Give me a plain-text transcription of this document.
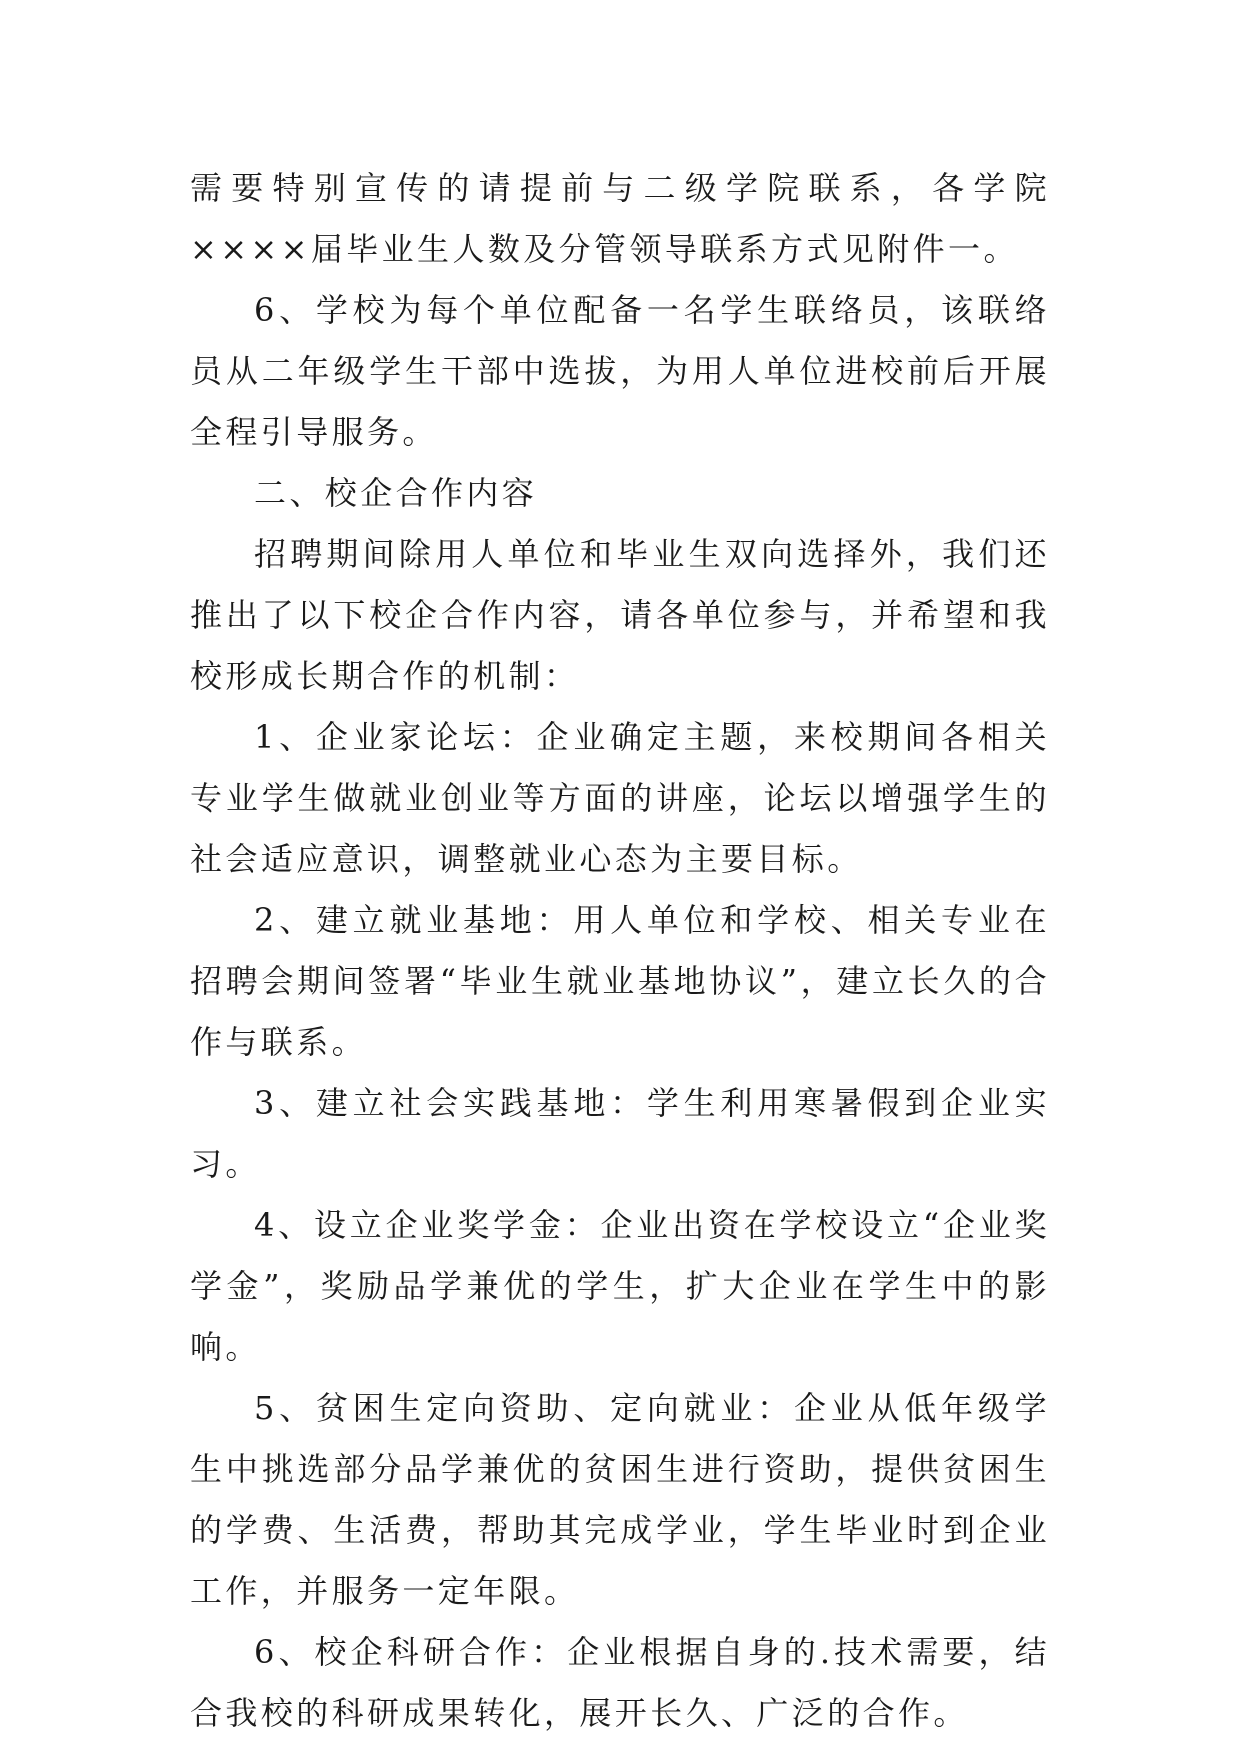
需要特别宣传的请提前与二级学院联系，各学院××××届毕业生人数及分管领导联系方式见附件一。

6、学校为每个单位配备一名学生联络员，该联络员从二年级学生干部中选拔，为用人单位进校前后开展全程引导服务。

二、校企合作内容

招聘期间除用人单位和毕业生双向选择外，我们还推出了以下校企合作内容，请各单位参与，并希望和我校形成长期合作的机制：

1、企业家论坛：企业确定主题，来校期间各相关专业学生做就业创业等方面的讲座，论坛以增强学生的社会适应意识，调整就业心态为主要目标。

2、建立就业基地：用人单位和学校、相关专业在招聘会期间签署“毕业生就业基地协议”，建立长久的合作与联系。

3、建立社会实践基地：学生利用寒暑假到企业实习。

4、设立企业奖学金：企业出资在学校设立“企业奖学金”，奖励品学兼优的学生，扩大企业在学生中的影响。

5、贫困生定向资助、定向就业：企业从低年级学生中挑选部分品学兼优的贫困生进行资助，提供贫困生的学费、生活费，帮助其完成学业，学生毕业时到企业工作，并服务一定年限。

6、校企科研合作：企业根据自身的.技术需要，结合我校的科研成果转化，展开长久、广泛的合作。
